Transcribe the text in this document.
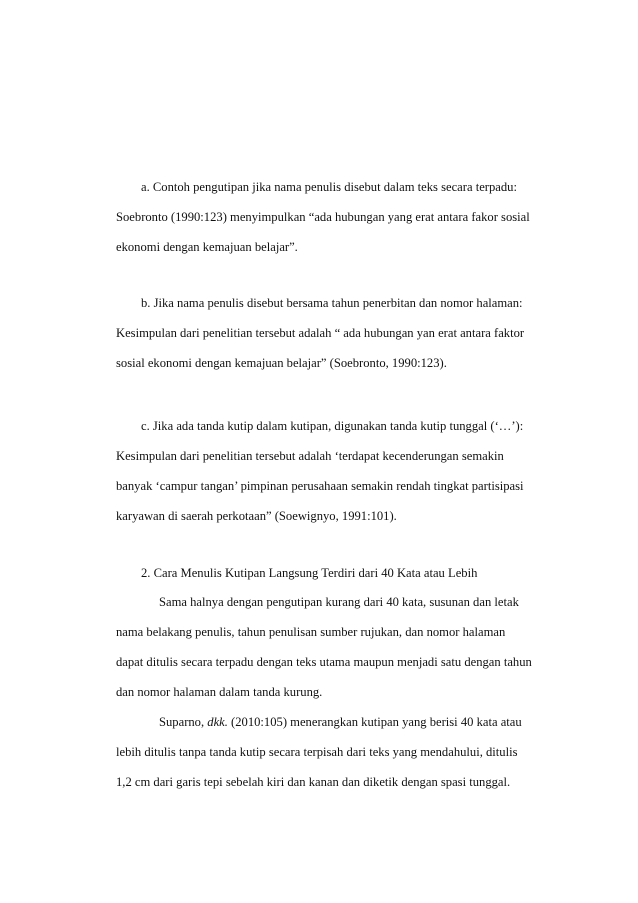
a. Contoh pengutipan jika nama penulis disebut dalam teks secara terpadu:
Soebronto (1990:123) menyimpulkan “ada hubungan yang erat antara fakor sosial
ekonomi dengan kemajuan belajar”.
b. Jika nama penulis disebut bersama tahun penerbitan dan nomor halaman:
Kesimpulan dari penelitian tersebut adalah “ ada hubungan yan erat antara faktor
sosial ekonomi dengan kemajuan belajar” (Soebronto, 1990:123).
c. Jika ada tanda kutip dalam kutipan, digunakan tanda kutip tunggal (‘…’):
Kesimpulan dari penelitian tersebut adalah ‘terdapat kecenderungan semakin
banyak ‘campur tangan’ pimpinan perusahaan semakin rendah tingkat partisipasi
karyawan di saerah perkotaan” (Soewignyo, 1991:101).
2. Cara Menulis Kutipan Langsung Terdiri dari 40 Kata atau Lebih
Sama halnya dengan pengutipan kurang dari 40 kata, susunan dan letak
nama belakang penulis, tahun penulisan sumber rujukan, dan nomor halaman
dapat ditulis secara terpadu dengan teks utama maupun menjadi satu dengan tahun
dan nomor halaman dalam tanda kurung.
Suparno, dkk. (2010:105) menerangkan kutipan yang berisi 40 kata atau
lebih ditulis tanpa tanda kutip secara terpisah dari teks yang mendahului, ditulis
1,2 cm dari garis tepi sebelah kiri dan kanan dan diketik dengan spasi tunggal.
